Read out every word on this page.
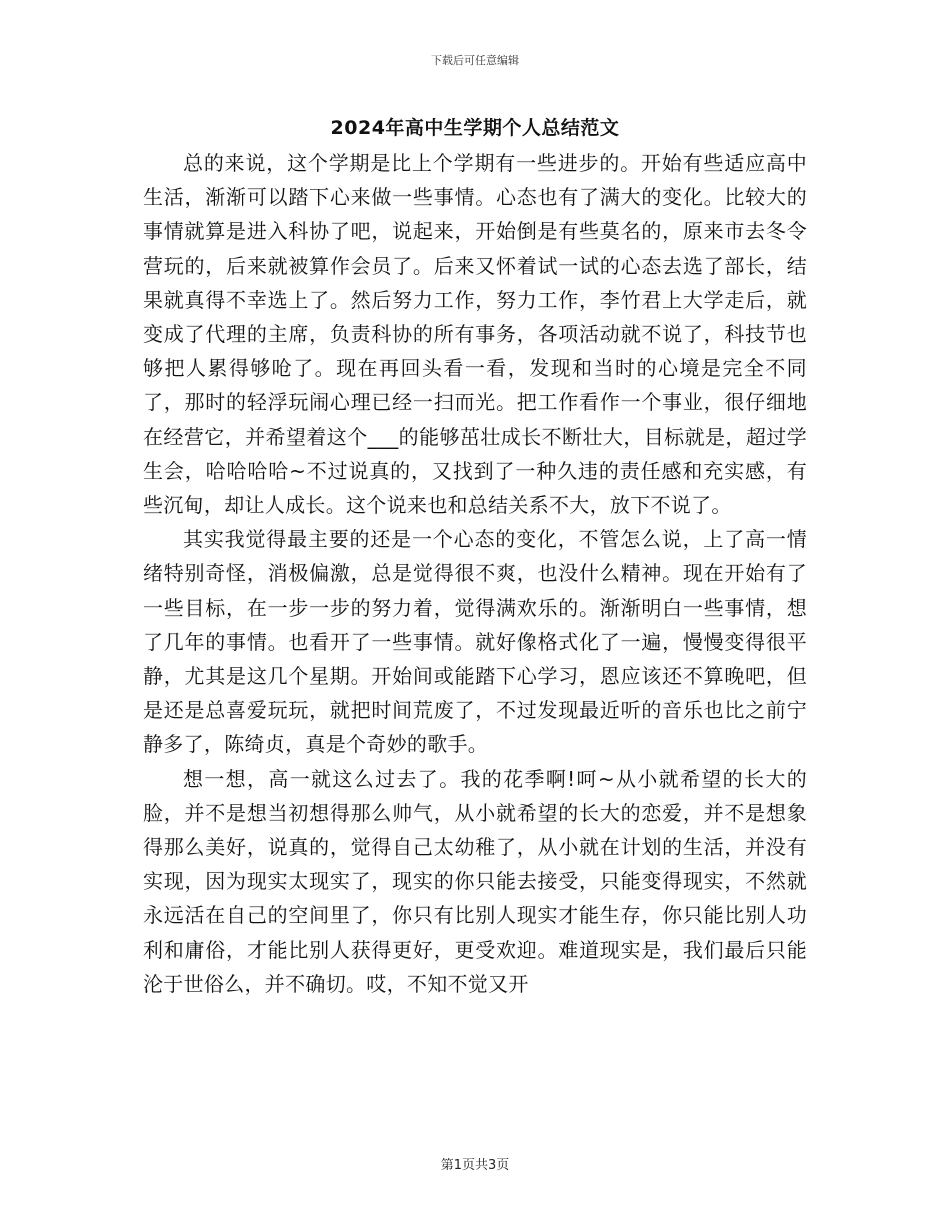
下载后可任意编辑
2024年高中生学期个人总结范文

总的来说，这个学期是比上个学期有一些进步的。开始有些适应高中生活，渐渐可以踏下心来做一些事情。心态也有了满大的变化。比较大的事情就算是进入科协了吧，说起来，开始倒是有些莫名的，原来市去冬令营玩的，后来就被算作会员了。后来又怀着试一试的心态去选了部长，结果就真得不幸选上了。然后努力工作，努力工作，李竹君上大学走后，就变成了代理的主席，负责科协的所有事务，各项活动就不说了，科技节也够把人累得够呛了。现在再回头看一看，发现和当时的心境是完全不同了，那时的轻浮玩闹心理已经一扫而光。把工作看作一个事业，很仔细地在经营它，并希望着这个___的能够茁壮成长不断壮大，目标就是，超过学生会，哈哈哈哈~不过说真的，又找到了一种久违的责任感和充实感，有些沉甸，却让人成长。这个说来也和总结关系不大，放下不说了。

其实我觉得最主要的还是一个心态的变化，不管怎么说，上了高一情绪特别奇怪，消极偏激，总是觉得很不爽，也没什么精神。现在开始有了一些目标，在一步一步的努力着，觉得满欢乐的。渐渐明白一些事情，想了几年的事情。也看开了一些事情。就好像格式化了一遍，慢慢变得很平静，尤其是这几个星期。开始间或能踏下心学习，恩应该还不算晚吧，但是还是总喜爱玩玩，就把时间荒废了，不过发现最近听的音乐也比之前宁静多了，陈绮贞，真是个奇妙的歌手。

想一想，高一就这么过去了。我的花季啊!呵~从小就希望的长大的脸，并不是想当初想得那么帅气，从小就希望的长大的恋爱，并不是想象得那么美好，说真的，觉得自己太幼稚了，从小就在计划的生活，并没有实现，因为现实太现实了，现实的你只能去接受，只能变得现实，不然就永远活在自己的空间里了，你只有比别人现实才能生存，你只能比别人功利和庸俗，才能比别人获得更好，更受欢迎。难道现实是，我们最后只能沦于世俗么，并不确切。哎，不知不觉又开

第1页共3页
